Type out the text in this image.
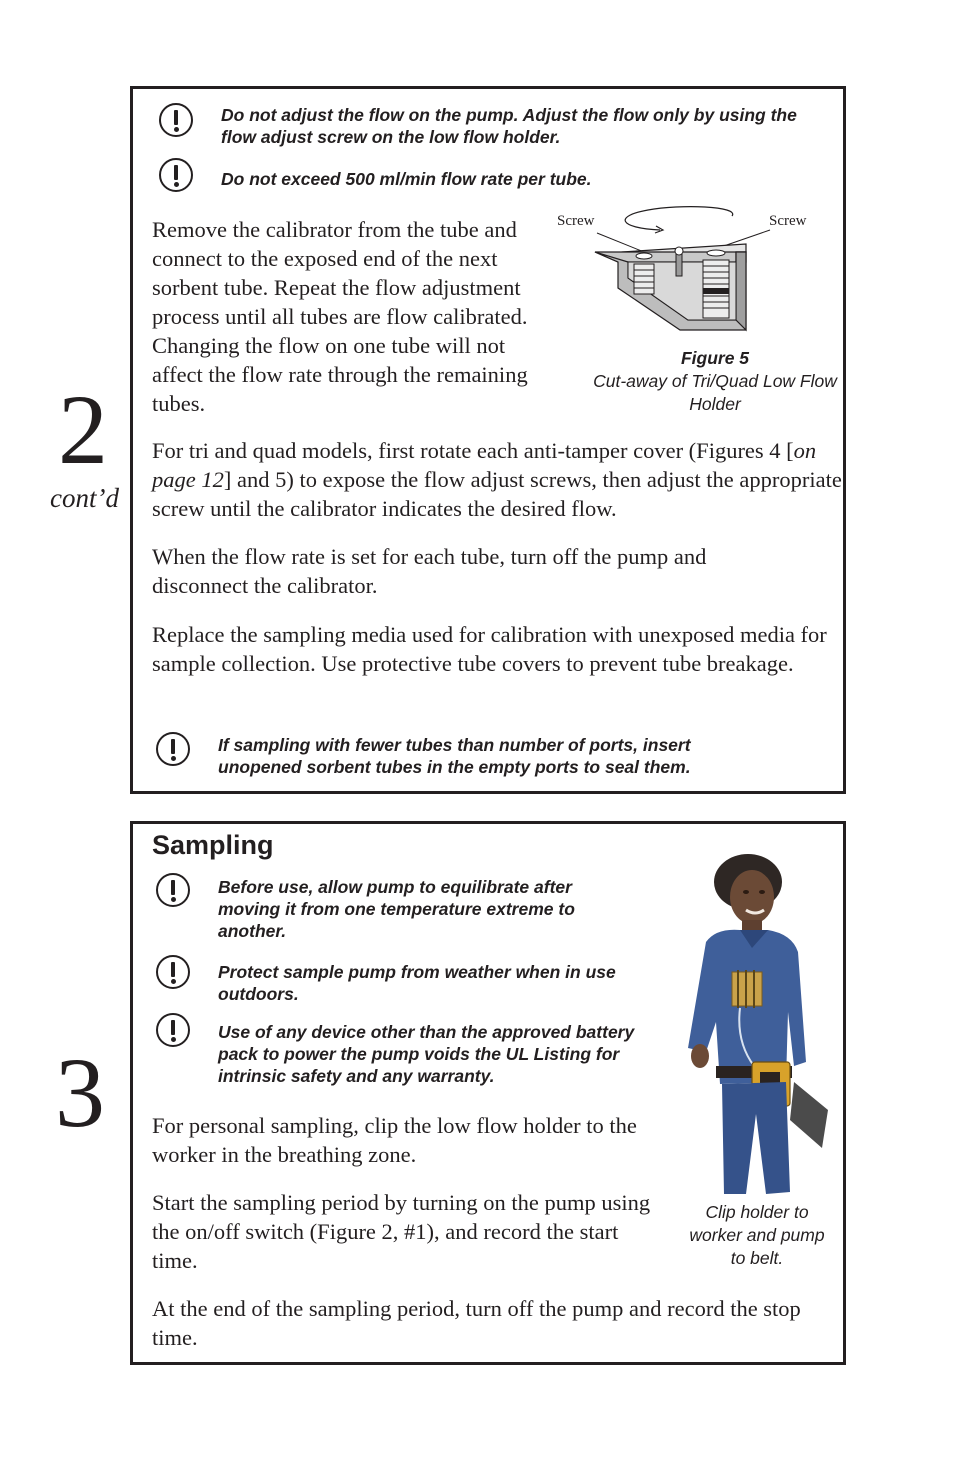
2
cont’d
Do not adjust the flow on the pump. Adjust the flow only by using the flow adjust screw on the low flow holder.
Do not exceed 500 ml/min flow rate per tube.
Remove the calibrator from the tube and connect to the exposed end of the next sorbent tube. Repeat the flow adjustment process until all tubes are flow calibrated. Changing the flow on one tube will not affect the flow rate through the remaining tubes.
Screw	Screw
Figure 5
Cut-away of Tri/Quad Low Flow Holder
For tri and quad models, first rotate each anti-tamper cover (Figures 4 [on page 12] and 5) to expose the flow adjust screws, then adjust the appropriate screw until the calibrator indicates the desired flow.
When the flow rate is set for each tube, turn off the pump and disconnect the calibrator.
Replace the sampling media used for calibration with unexposed media for sample collection. Use protective tube covers to prevent tube breakage.
If sampling with fewer tubes than number of ports, insert unopened sorbent tubes in the empty ports to seal them.
3
Sampling
Before use, allow pump to equilibrate after moving it from one temperature extreme to another.
Protect sample pump from weather when in use outdoors.
Use of any device other than the approved battery pack to power the pump voids the UL Listing for intrinsic safety and any warranty.
Clip holder to worker and pump to belt.
For personal sampling, clip the low flow holder to the worker in the breathing zone.
Start the sampling period by turning on the pump using the on/off switch (Figure 2, #1), and record the start time.
At the end of the sampling period, turn off the pump and record the stop time.
